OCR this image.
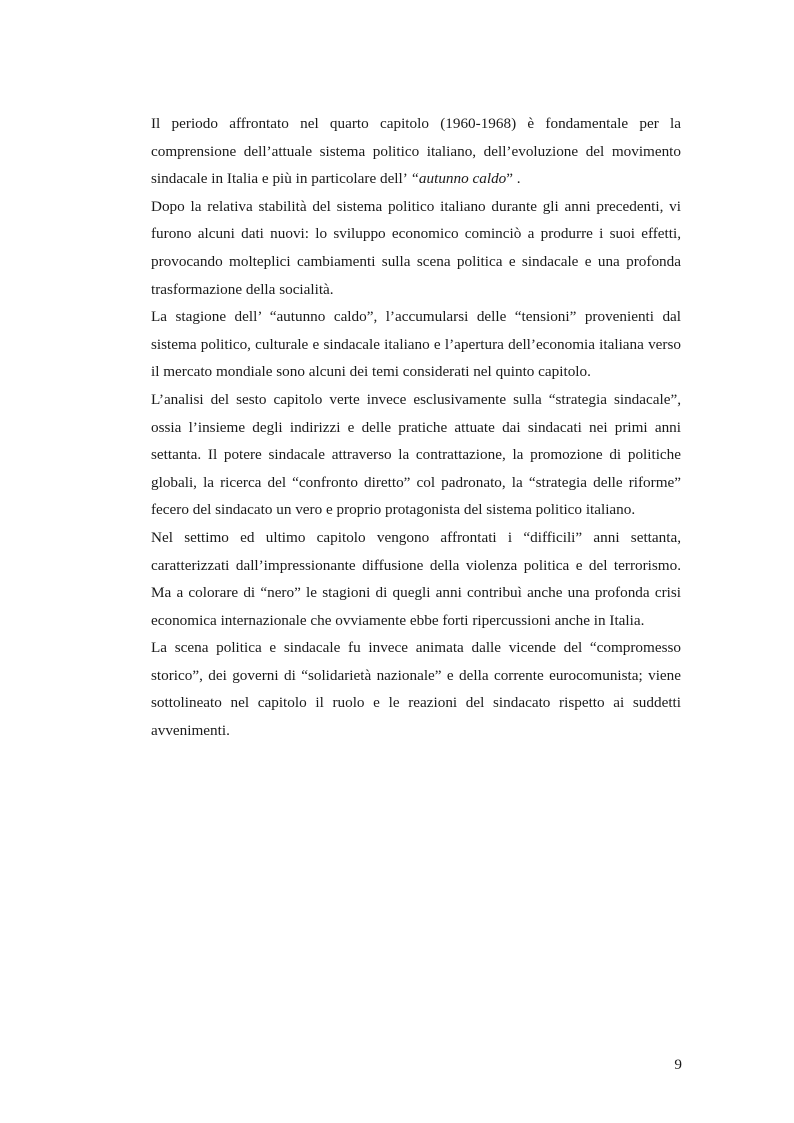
Il periodo affrontato nel quarto capitolo (1960-1968) è fondamentale per la comprensione dell’attuale sistema politico italiano, dell’evoluzione del movimento sindacale in Italia e più in particolare dell’ “autunno caldo” .

Dopo la relativa stabilità del sistema politico italiano durante gli anni precedenti, vi furono alcuni dati nuovi: lo sviluppo economico cominciò a produrre i suoi effetti, provocando molteplici cambiamenti sulla scena politica e sindacale e una profonda trasformazione della socialità.

La stagione dell’ “autunno caldo”, l’accumularsi delle “tensioni” provenienti dal sistema politico, culturale e sindacale italiano e l’apertura dell’economia italiana verso il mercato mondiale sono alcuni dei temi considerati nel quinto capitolo.

L’analisi del sesto capitolo verte invece esclusivamente sulla “strategia sindacale”, ossia l’insieme degli indirizzi e delle pratiche attuate dai sindacati nei primi anni settanta. Il potere sindacale attraverso la contrattazione, la promozione di politiche globali, la ricerca del “confronto diretto” col padronato, la “strategia delle riforme” fecero del sindacato un vero e proprio protagonista del sistema politico italiano.

Nel settimo ed ultimo capitolo vengono affrontati i “difficili” anni settanta, caratterizzati dall’impressionante diffusione della violenza politica e del terrorismo. Ma a colorare di “nero” le stagioni di quegli anni contribuì anche una profonda crisi economica internazionale che ovviamente ebbe forti ripercussioni anche in Italia.

La scena politica e sindacale fu invece animata dalle vicende del “compromesso storico”, dei governi di “solidarietà nazionale” e della corrente eurocomunista; viene sottolineato nel capitolo il ruolo e le reazioni del sindacato rispetto ai suddetti avvenimenti.

9
